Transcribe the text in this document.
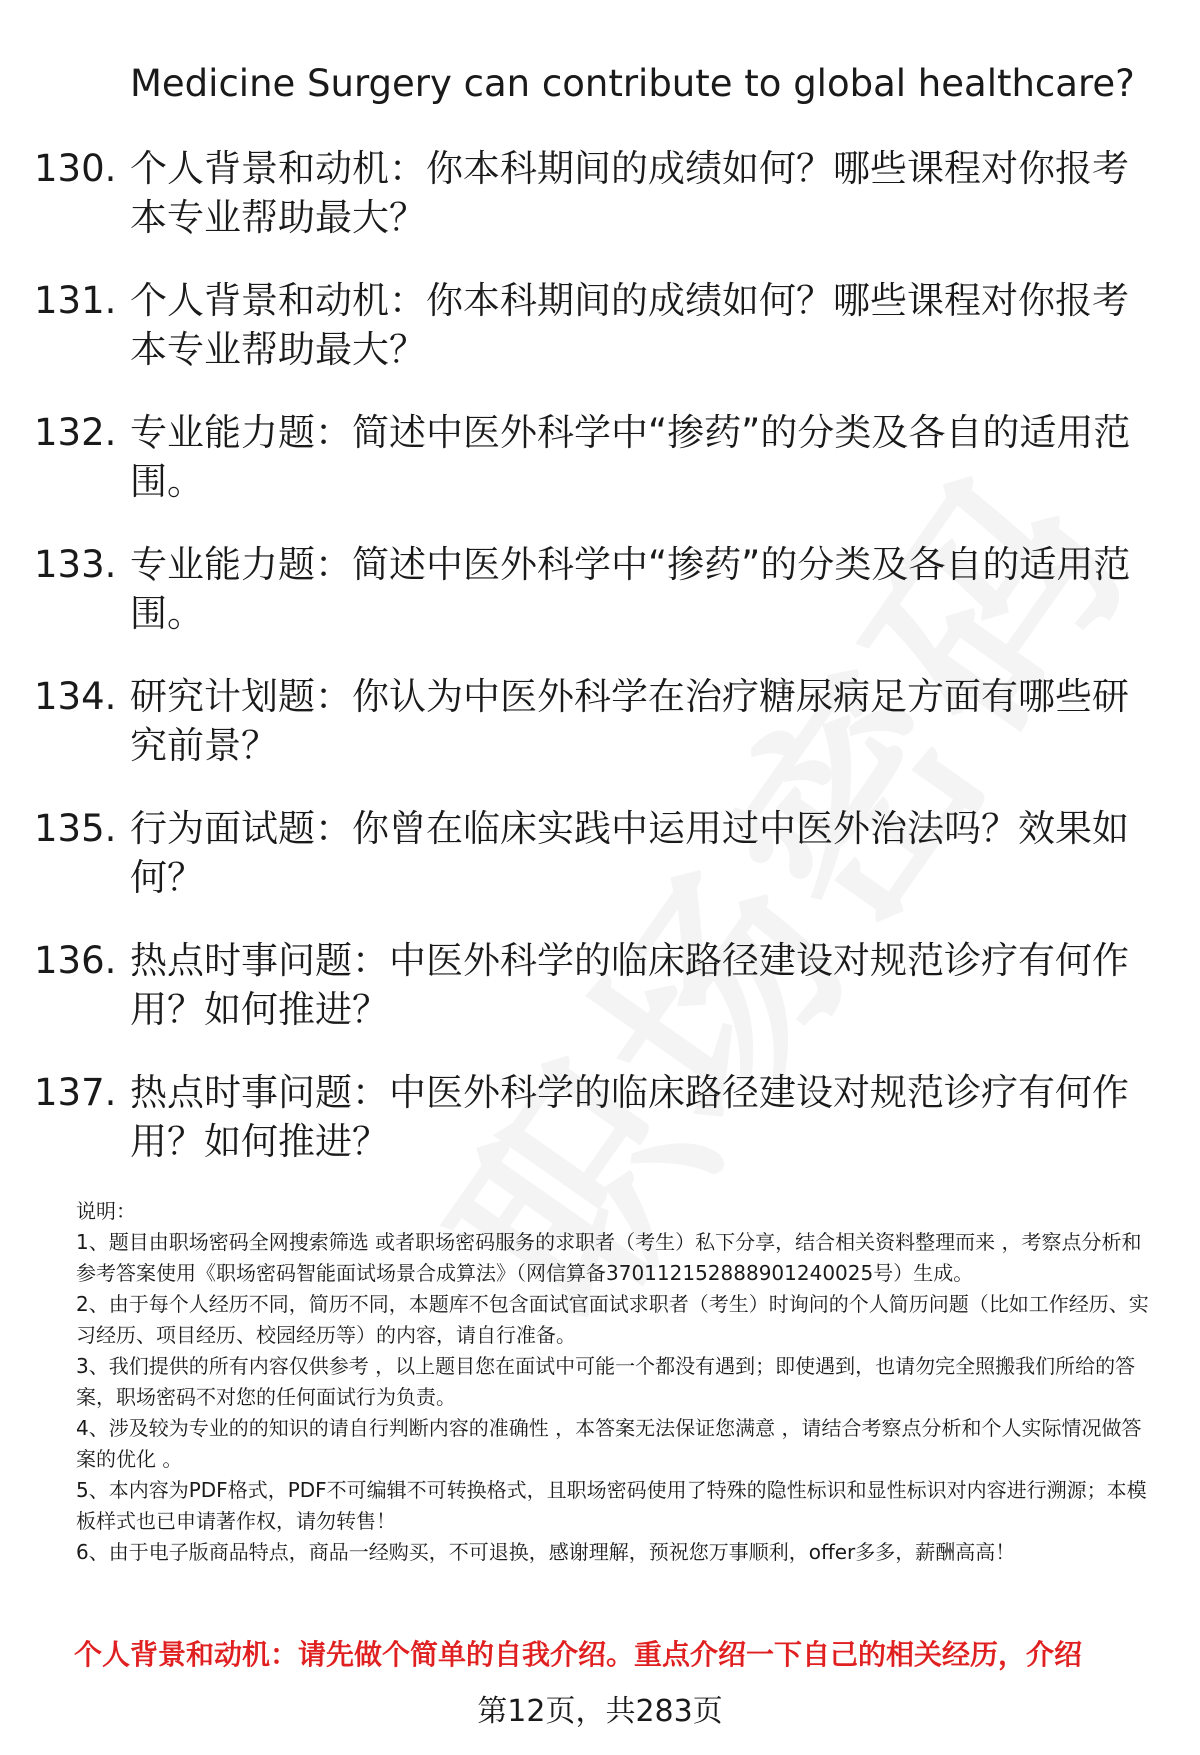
Medicine Surgery can contribute to global healthcare?
130. 个人背景和动机：你本科期间的成绩如何？哪些课程对你报考本专业帮助最大？
131. 个人背景和动机：你本科期间的成绩如何？哪些课程对你报考本专业帮助最大？
132. 专业能力题：简述中医外科学中“掺药”的分类及各自的适用范围。
133. 专业能力题：简述中医外科学中“掺药”的分类及各自的适用范围。
134. 研究计划题：你认为中医外科学在治疗糖尿病足方面有哪些研究前景？
135. 行为面试题：你曾在临床实践中运用过中医外治法吗？效果如何？
136. 热点时事问题：中医外科学的临床路径建设对规范诊疗有何作用？如何推进？
137. 热点时事问题：中医外科学的临床路径建设对规范诊疗有何作用？如何推进？

说明：

1、题目由职场密码全网搜索筛选 或者职场密码服务的求职者（考生）私下分享，结合相关资料整理而来 ，考察点分析和参考答案使用《职场密码智能面试场景合成算法》（网信算备370112152888901240025号）生成。

2、由于每个人经历不同，简历不同，本题库不包含面试官面试求职者（考生）时询问的个人简历问题（比如工作经历、实习经历、项目经历、校园经历等）的内容，请自行准备。

3、我们提供的所有内容仅供参考 ，以上题目您在面试中可能一个都没有遇到；即使遇到，也请勿完全照搬我们所给的答案，职场密码不对您的任何面试行为负责。

4、涉及较为专业的的知识的请自行判断内容的准确性 ，本答案无法保证您满意 ，请结合考察点分析和个人实际情况做答案的优化 。

5、本内容为PDF格式，PDF不可编辑不可转换格式，且职场密码使用了特殊的隐性标识和显性标识对内容进行溯源；本模板样式也已申请著作权，请勿转售！

6、由于电子版商品特点，商品一经购买，不可退换，感谢理解，预祝您万事顺利，offer多多，薪酬高高！

个人背景和动机：请先做个简单的自我介绍。重点介绍一下自己的相关经历，介绍
第12页，共283页
